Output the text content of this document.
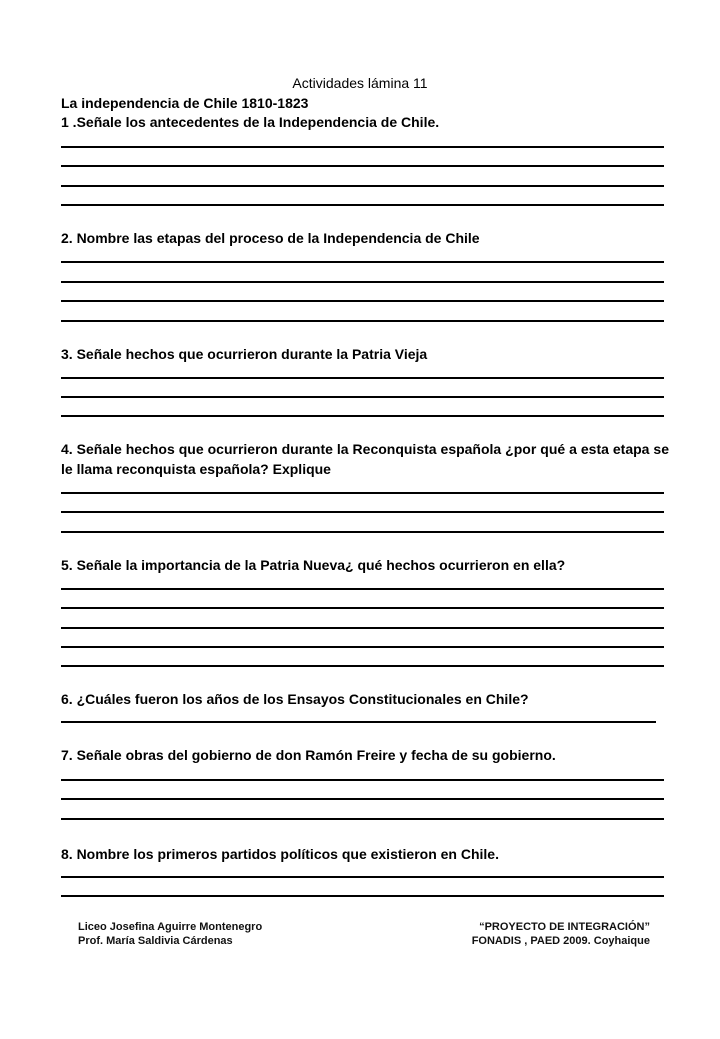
Actividades lámina 11
La independencia de Chile 1810-1823
1 .Señale los antecedentes de la Independencia de Chile.
2. Nombre las etapas del proceso de la Independencia de Chile
3. Señale hechos que ocurrieron durante la Patria Vieja
4. Señale hechos que ocurrieron durante la Reconquista española ¿por qué a esta etapa se le llama reconquista española? Explique
5. Señale la importancia de la Patria Nueva¿ qué hechos ocurrieron en ella?
6. ¿Cuáles fueron los años de los Ensayos Constitucionales en Chile?
7. Señale obras del gobierno de don Ramón Freire y fecha de su gobierno.
8. Nombre los primeros partidos políticos que existieron en Chile.
Liceo Josefina Aguirre Montenegro
Prof. María Saldivia Cárdenas
“PROYECTO DE INTEGRACIÓN”
FONADIS , PAED 2009. Coyhaique
